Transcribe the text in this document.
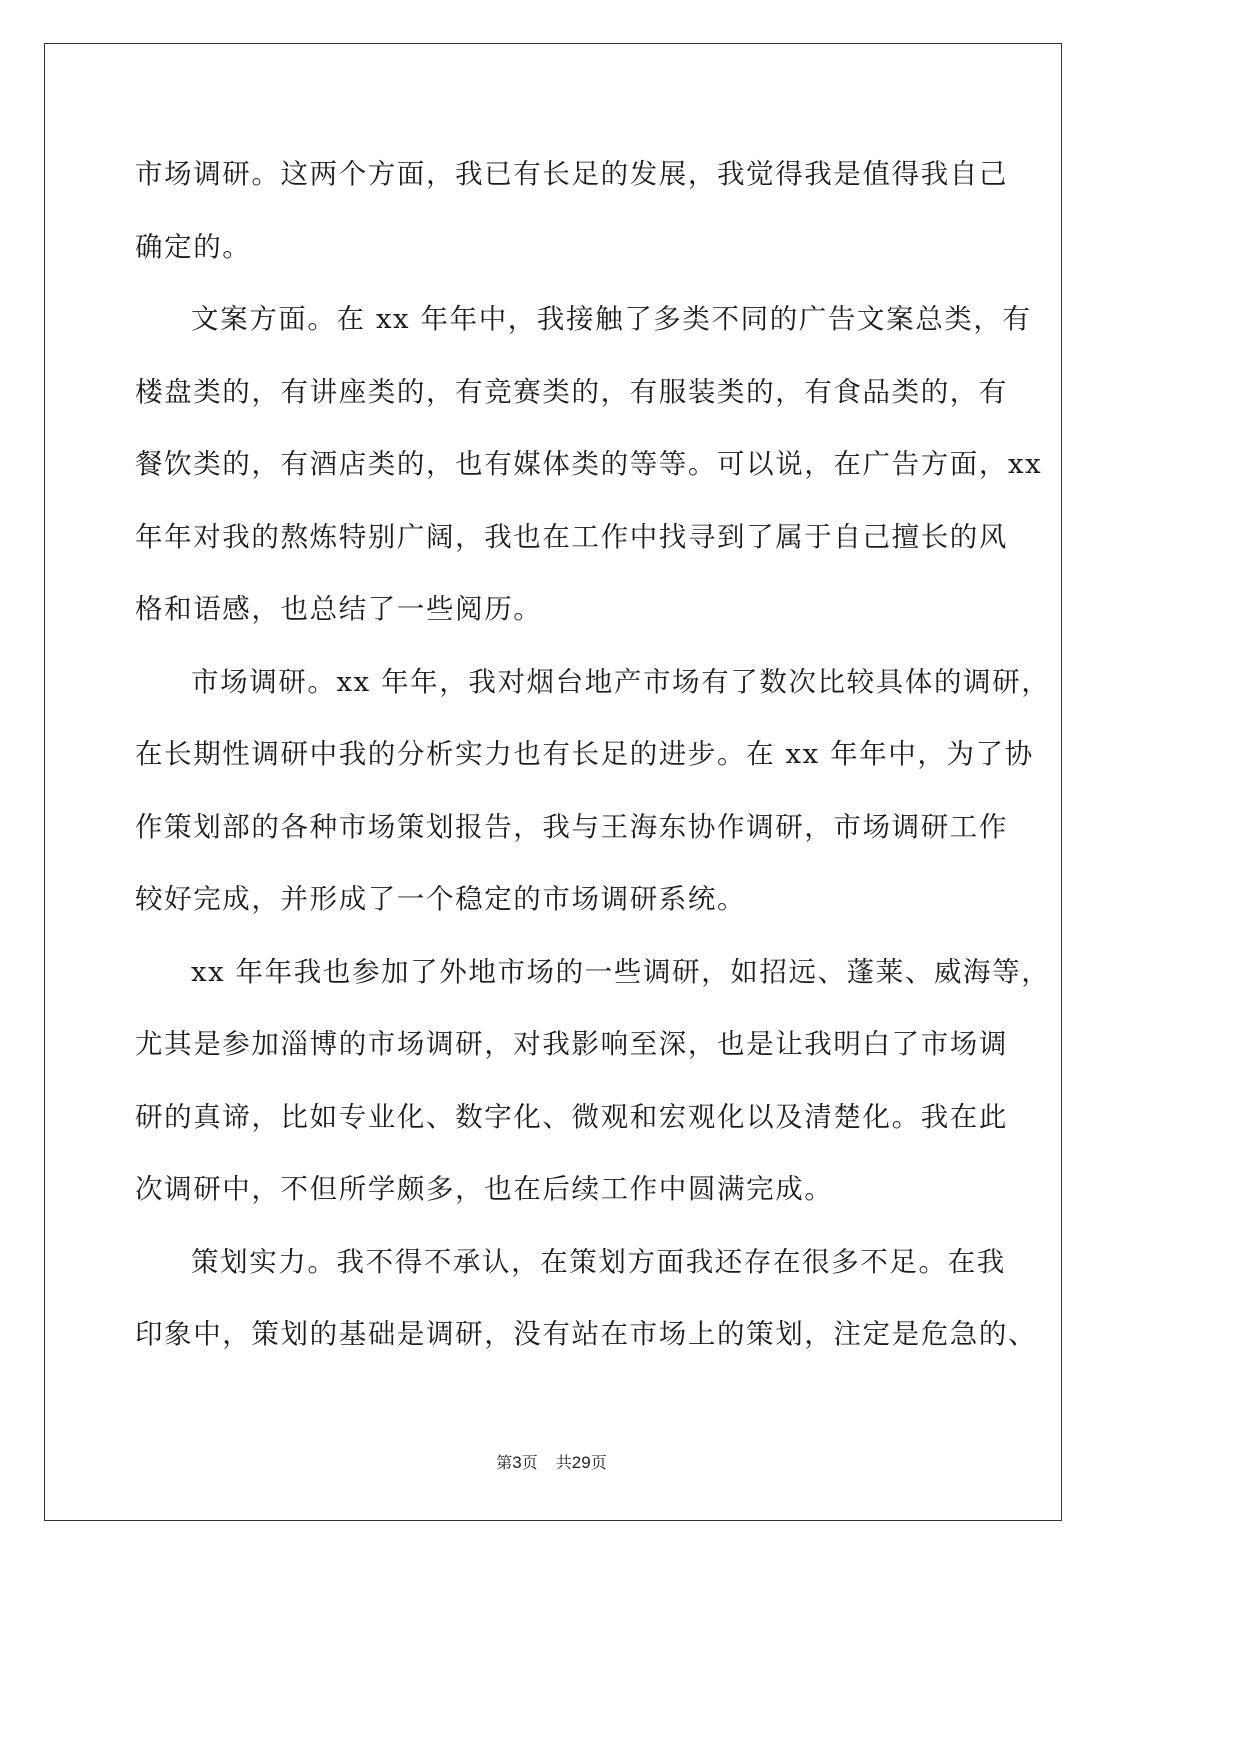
市场调研。这两个方面，我已有长足的发展，我觉得我是值得我自己
确定的。
文案方面。在 xx 年年中，我接触了多类不同的广告文案总类，有
楼盘类的，有讲座类的，有竞赛类的，有服装类的，有食品类的，有
餐饮类的，有酒店类的，也有媒体类的等等。可以说，在广告方面，xx
年年对我的熬炼特别广阔，我也在工作中找寻到了属于自己擅长的风
格和语感，也总结了一些阅历。
市场调研。xx 年年，我对烟台地产市场有了数次比较具体的调研，
在长期性调研中我的分析实力也有长足的进步。在 xx 年年中，为了协
作策划部的各种市场策划报告，我与王海东协作调研，市场调研工作
较好完成，并形成了一个稳定的市场调研系统。
xx 年年我也参加了外地市场的一些调研，如招远、蓬莱、威海等，
尤其是参加淄博的市场调研，对我影响至深，也是让我明白了市场调
研的真谛，比如专业化、数字化、微观和宏观化以及清楚化。我在此
次调研中，不但所学颇多，也在后续工作中圆满完成。
策划实力。我不得不承认，在策划方面我还存在很多不足。在我
印象中，策划的基础是调研，没有站在市场上的策划，注定是危急的、
第3页 共29页
